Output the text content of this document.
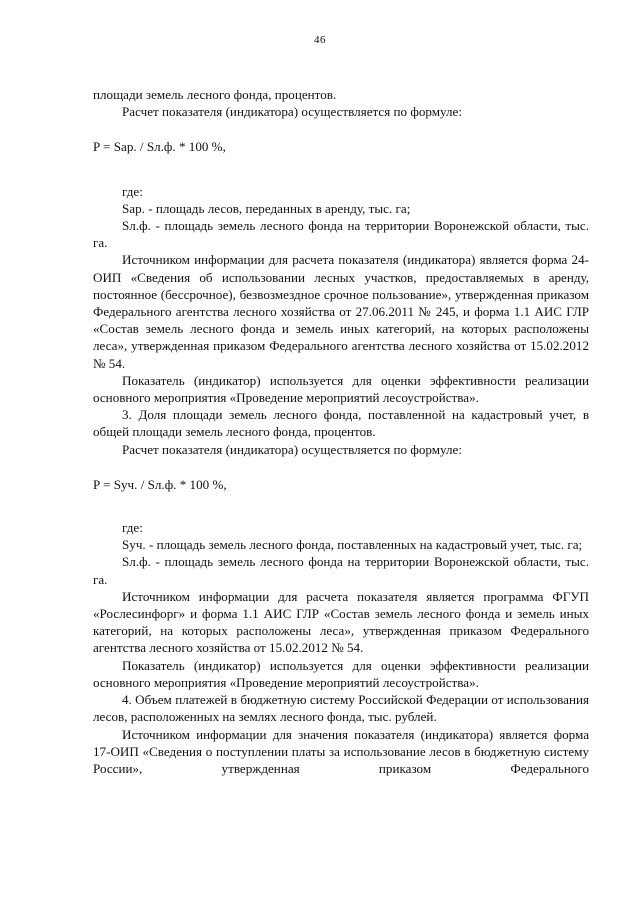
46

площади земель лесного фонда, процентов.

Расчет показателя (индикатора) осуществляется по формуле:

P = Sар. / Sл.ф. * 100 %,

где:

Sар. - площадь лесов, переданных в аренду, тыс. га;

Sл.ф. - площадь земель лесного фонда на территории Воронежской области, тыс. га.

Источником информации для расчета показателя (индикатора) является форма 24-ОИП «Сведения об использовании лесных участков, предоставляемых в аренду, постоянное (бессрочное), безвозмездное срочное пользование», утвержденная приказом Федерального агентства лесного хозяйства от 27.06.2011 № 245, и форма 1.1 АИС ГЛР «Состав земель лесного фонда и земель иных категорий, на которых расположены леса», утвержденная приказом Федерального агентства лесного хозяйства от 15.02.2012 № 54.

Показатель (индикатор) используется для оценки эффективности реализации основного мероприятия «Проведение мероприятий лесоустройства».

3. Доля площади земель лесного фонда, поставленной на кадастровый учет, в общей площади земель лесного фонда, процентов.

Расчет показателя (индикатора) осуществляется по формуле:

P = Sуч. / Sл.ф. * 100 %,

где:

Sуч. - площадь земель лесного фонда, поставленных на кадастровый учет, тыс. га;

Sл.ф. - площадь земель лесного фонда на территории Воронежской области, тыс. га.

Источником информации для расчета показателя является программа ФГУП «Рослесинфорг» и форма 1.1 АИС ГЛР «Состав земель лесного фонда и земель иных категорий, на которых расположены леса», утвержденная приказом Федерального агентства лесного хозяйства от 15.02.2012 № 54.

Показатель (индикатор) используется для оценки эффективности реализации основного мероприятия «Проведение мероприятий лесоустройства».

4. Объем платежей в бюджетную систему Российской Федерации от использования лесов, расположенных на землях лесного фонда, тыс. рублей.

Источником информации для значения показателя (индикатора) является форма 17-ОИП «Сведения о поступлении платы за использование лесов в бюджетную систему России», утвержденная приказом Федерального
